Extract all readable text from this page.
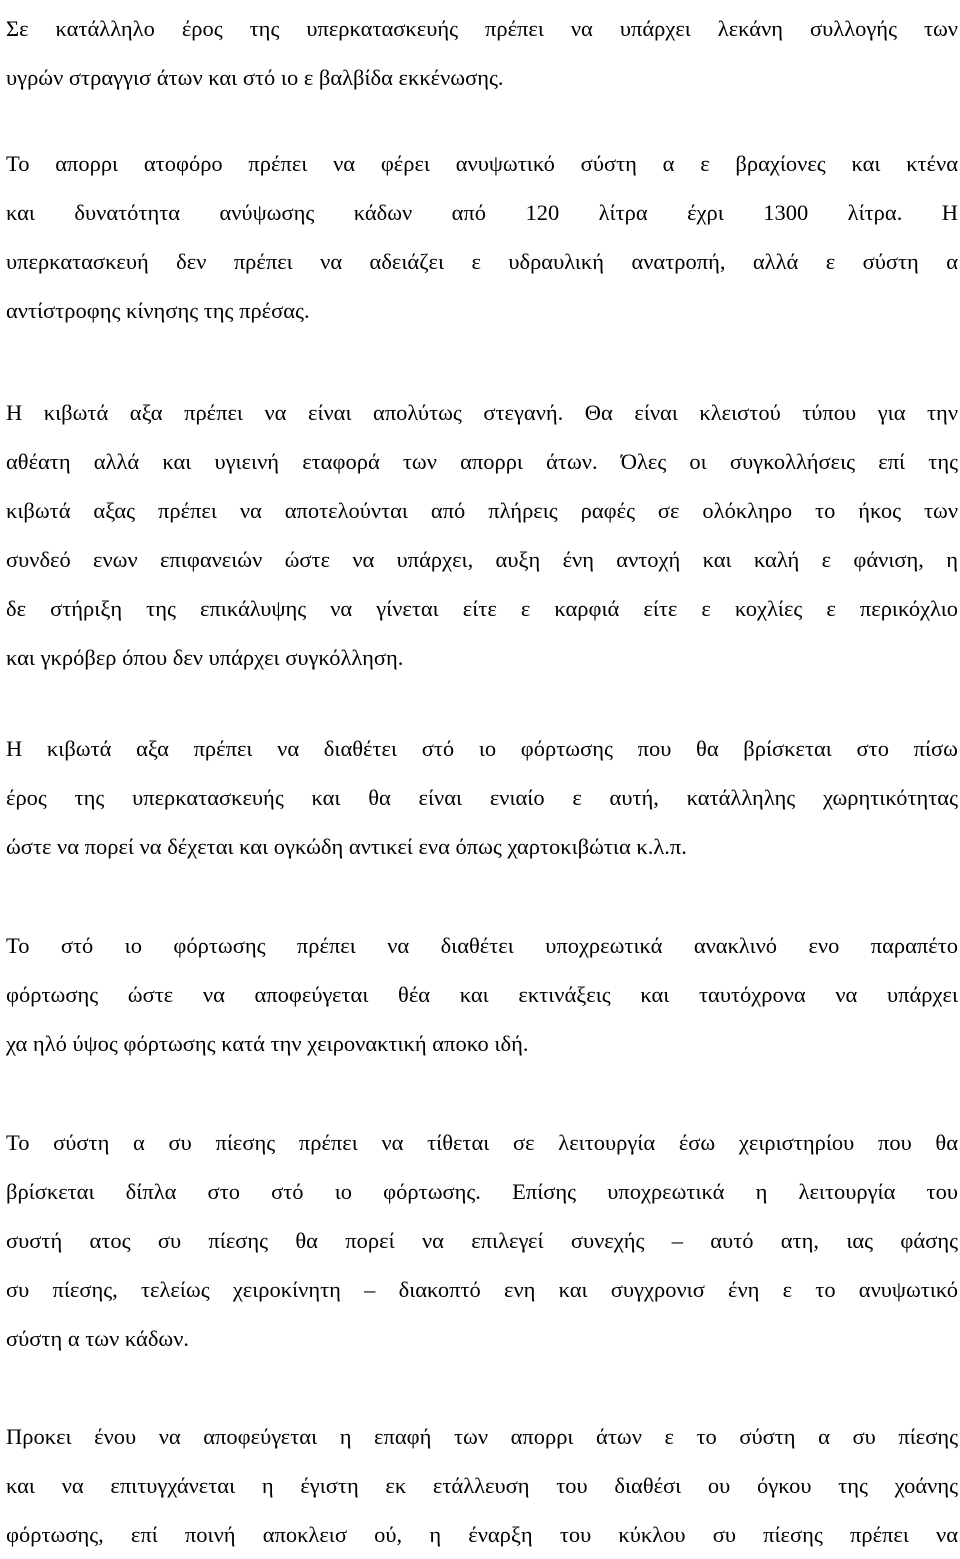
Σε κατάλληλο έρος της υπερκατασκευής πρέπει να υπάρχει λεκάνη συλλογής των
υγρών στραγγισ άτων και στό ιο ε βαλβίδα εκκένωσης.
Το απορρι ατοφόρο πρέπει να φέρει ανυψωτικό σύστη α ε βραχίονες και κτένα
και δυνατότητα ανύψωσης κάδων από 120 λίτρα έχρι 1300 λίτρα. Η
υπερκατασκευή δεν πρέπει να αδειάζει ε υδραυλική ανατροπή, αλλά ε σύστη α
αντίστροφης κίνησης της πρέσας.
Η κιβωτά αξα πρέπει να είναι απολύτως στεγανή. Θα είναι κλειστού τύπου για την
αθέατη αλλά και υγιεινή εταφορά των απορρι άτων. Όλες οι συγκολλήσεις επί της
κιβωτά αξας πρέπει να αποτελούνται από πλήρεις ραφές σε ολόκληρο το ήκος των
συνδεό ενων επιφανειών ώστε να υπάρχει, αυξη ένη αντοχή και καλή ε φάνιση, η
δε στήριξη της επικάλυψης να γίνεται είτε ε καρφιά είτε ε κοχλίες ε περικόχλιο
και γκρόβερ όπου δεν υπάρχει συγκόλληση.
Η κιβωτά αξα πρέπει να διαθέτει στό ιο φόρτωσης που θα βρίσκεται στο πίσω
έρος της υπερκατασκευής και θα είναι ενιαίο ε αυτή, κατάλληλης χωρητικότητας
ώστε να πορεί να δέχεται και ογκώδη αντικεί ενα όπως χαρτοκιβώτια κ.λ.π.
Το στό ιο φόρτωσης πρέπει να διαθέτει υποχρεωτικά ανακλινό ενο παραπέτο
φόρτωσης ώστε να αποφεύγεται θέα και εκτινάξεις και ταυτόχρονα να υπάρχει
χα ηλό ύψος φόρτωσης κατά την χειρονακτική αποκο ιδή.
Το σύστη α συ πίεσης πρέπει να τίθεται σε λειτουργία έσω χειριστηρίου που θα
βρίσκεται δίπλα στο στό ιο φόρτωσης. Επίσης υποχρεωτικά η λειτουργία του
συστή ατος συ πίεσης θα πορεί να επιλεγεί συνεχής – αυτό ατη, ιας φάσης
συ πίεσης, τελείως χειροκίνητη – διακοπτό ενη και συγχρονισ ένη ε το ανυψωτικό
σύστη α των κάδων.
Προκει ένου να αποφεύγεται η επαφή των απορρι άτων ε το σύστη α συ πίεσης
και να επιτυγχάνεται η έγιστη εκ ετάλλευση του διαθέσι ου όγκου της χοάνης
φόρτωσης, επί ποινή αποκλεισ ού, η έναρξη του κύκλου συ πίεσης πρέπει να
